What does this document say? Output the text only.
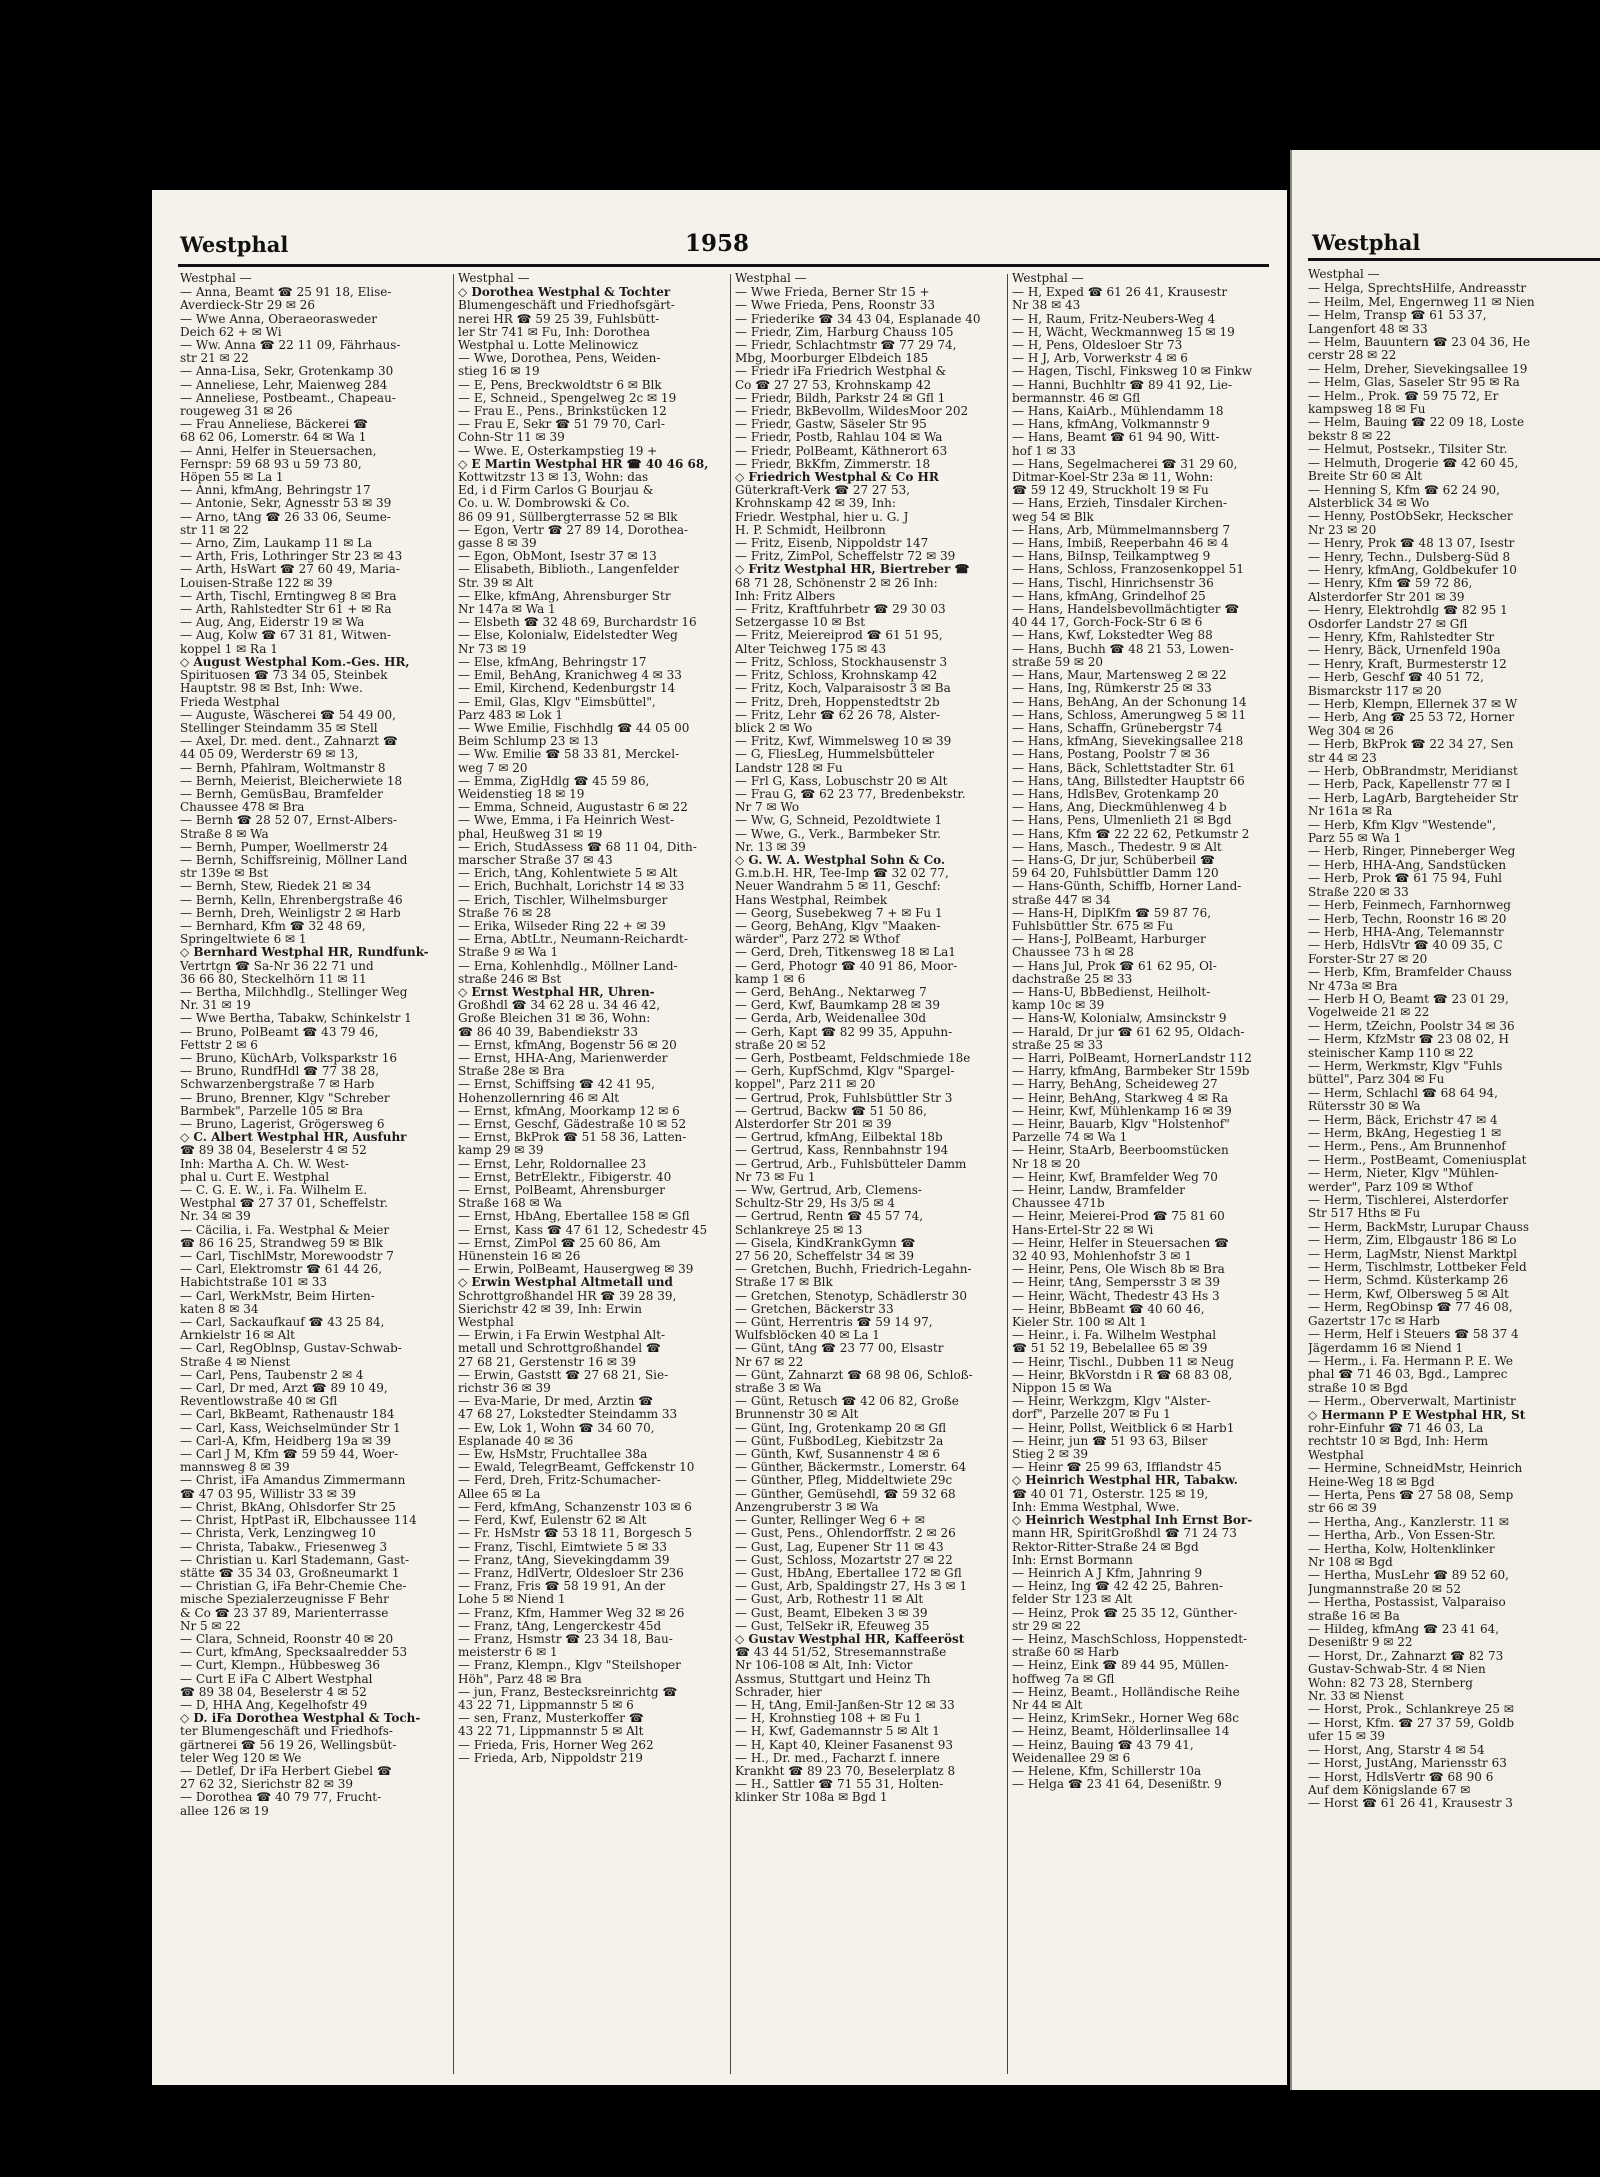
Westphal	1958
Westphal —
— Anna, Beamt ☎ 25 91 18, Elise-
Averdieck-Str 29 ✉ 26
— Wwe Anna, Oberaeorasweder
Deich 62 + ✉ Wi
— Ww. Anna ☎ 22 11 09, Fährhaus-
str 21 ✉ 22
— Anna-Lisa, Sekr, Grotenkamp 30
— Anneliese, Lehr, Maienweg 284
— Anneliese, Postbeamt., Chapeau-
rougeweg 31 ✉ 26
— Frau Anneliese, Bäckerei ☎
68 62 06, Lomerstr. 64 ✉ Wa 1
— Anni, Helfer in Steuersachen,
Fernspr: 59 68 93 u 59 73 80,
Höpen 55 ✉ La 1
— Anni, kfmAng, Behringstr 17
— Antonie, Sekr, Agnesstr 53 ✉ 39
— Arno, tAng ☎ 26 33 06, Seume-
str 11 ✉ 22
— Arno, Zim, Laukamp 11 ✉ La
— Arth, Fris, Lothringer Str 23 ✉ 43
— Arth, HsWart ☎ 27 60 49, Maria-
Louisen-Straße 122 ✉ 39
— Arth, Tischl, Erntingweg 8 ✉ Bra
— Arth, Rahlstedter Str 61 + ✉ Ra
— Aug, Ang, Eiderstr 19 ✉ Wa
— Aug, Kolw ☎ 67 31 81, Witwen-
koppel 1 ✉ Ra 1
◇ August Westphal Kom.-Ges. HR,
Spirituosen ☎ 73 34 05, Steinbek
Hauptstr. 98 ✉ Bst, Inh: Wwe.
Frieda Westphal
— Auguste, Wäscherei ☎ 54 49 00,
Stellinger Steindamm 35 ✉ Stell
— Axel, Dr. med. dent., Zahnarzt ☎
44 05 09, Werderstr 69 ✉ 13,
— Bernh, Pfahlram, Woltmanstr 8
— Bernh, Meierist, Bleicherwiete 18
— Bernh, GemüsBau, Bramfelder
Chaussee 478 ✉ Bra
— Bernh ☎ 28 52 07, Ernst-Albers-
Straße 8 ✉ Wa
— Bernh, Pumper, Woellmerstr 24
— Bernh, Schiffsreinig, Möllner Land
str 139e ✉ Bst
— Bernh, Stew, Riedek 21 ✉ 34
— Bernh, Kelln, Ehrenbergstraße 46
— Bernh, Dreh, Weinligstr 2 ✉ Harb
— Bernhard, Kfm ☎ 32 48 69,
Springeltwiete 6 ✉ 1
◇ Bernhard Westphal HR, Rundfunk-
Vertrtgn ☎ Sa-Nr 36 22 71 und
36 66 80, Steckelhörn 11 ✉ 11
— Bertha, Milchhdlg., Stellinger Weg
Nr. 31 ✉ 19
— Wwe Bertha, Tabakw, Schinkelstr 1
— Bruno, PolBeamt ☎ 43 79 46,
Fettstr 2 ✉ 6
— Bruno, KüchArb, Volksparkstr 16
— Bruno, RundfHdl ☎ 77 38 28,
Schwarzenbergstraße 7 ✉ Harb
— Bruno, Brenner, Klgv "Schreber
Barmbek", Parzelle 105 ✉ Bra
— Bruno, Lagerist, Grögersweg 6
◇ C. Albert Westphal HR, Ausfuhr
☎ 89 38 04, Beselerstr 4 ✉ 52
Inh: Martha A. Ch. W. West-
phal u. Curt E. Westphal
— C. G. E. W., i. Fa. Wilhelm E.
Westphal ☎ 27 37 01, Scheffelstr.
Nr. 34 ✉ 39
— Cäcilia, i. Fa. Westphal & Meier
☎ 86 16 25, Strandweg 59 ✉ Blk
— Carl, TischlMstr, Morewoodstr 7
— Carl, Elektromstr ☎ 61 44 26,
Habichtstraße 101 ✉ 33
— Carl, WerkMstr, Beim Hirten-
katen 8 ✉ 34
— Carl, Sackaufkauf ☎ 43 25 84,
Arnkielstr 16 ✉ Alt
— Carl, RegOblnsp, Gustav-Schwab-
Straße 4 ✉ Nienst
— Carl, Pens, Taubenstr 2 ✉ 4
— Carl, Dr med, Arzt ☎ 89 10 49,
Reventlowstraße 40 ✉ Gfl
— Carl, BkBeamt, Rathenaustr 184
— Carl, Kass, Weichselmünder Str 1
— Carl-A, Kfm, Heidberg 19a ✉ 39
— Carl J M, Kfm ☎ 59 59 44, Woer-
mannsweg 8 ✉ 39
— Christ, iFa Amandus Zimmermann
☎ 47 03 95, Willistr 33 ✉ 39
— Christ, BkAng, Ohlsdorfer Str 25
— Christ, HptPast iR, Elbchaussee 114
— Christa, Verk, Lenzingweg 10
— Christa, Tabakw., Friesenweg 3
— Christian u. Karl Stademann, Gast-
stätte ☎ 35 34 03, Großneumarkt 1
— Christian G, iFa Behr-Chemie Che-
mische Spezialerzeugnisse F Behr
& Co ☎ 23 37 89, Marienterrasse
Nr 5 ✉ 22
— Clara, Schneid, Roonstr 40 ✉ 20
— Curt, kfmAng, Specksaalredder 53
— Curt, Klempn., Hübbesweg 36
— Curt E iFa C Albert Westphal
☎ 89 38 04, Beselerstr 4 ✉ 52
— D, HHA Ang, Kegelhofstr 49
◇ D. iFa Dorothea Westphal & Toch-
ter Blumengeschäft und Friedhofs-
gärtnerei ☎ 56 19 26, Wellingsbüt-
teler Weg 120 ✉ We
— Detlef, Dr iFa Herbert Giebel ☎
27 62 32, Sierichstr 82 ✉ 39
— Dorothea ☎ 40 79 77, Frucht-
allee 126 ✉ 19
Westphal —
◇ Dorothea Westphal & Tochter
Blumengeschäft und Friedhofsgärt-
nerei HR ☎ 59 25 39, Fuhlsbütt-
ler Str 741 ✉ Fu, Inh: Dorothea
Westphal u. Lotte Melinowicz
— Wwe, Dorothea, Pens, Weiden-
stieg 16 ✉ 19
— E, Pens, Breckwoldtstr 6 ✉ Blk
— E, Schneid., Spengelweg 2c ✉ 19
— Frau E., Pens., Brinkstücken 12
— Frau E, Sekr ☎ 51 79 70, Carl-
Cohn-Str 11 ✉ 39
— Wwe. E, Osterkampstieg 19 +
◇ E Martin Westphal HR ☎ 40 46 68,
Kottwitzstr 13 ✉ 13, Wohn: das
Ed, i d Firm Carlos G Bourjau &
Co. u. W. Dombrowski & Co.
86 09 91, Süllbergterrasse 52 ✉ Blk
— Egon, Vertr ☎ 27 89 14, Dorothea-
gasse 8 ✉ 39
— Egon, ObMont, Isestr 37 ✉ 13
— Elisabeth, Biblioth., Langenfelder
Str. 39 ✉ Alt
— Elke, kfmAng, Ahrensburger Str
Nr 147a ✉ Wa 1
— Elsbeth ☎ 32 48 69, Burchardstr 16
— Else, Kolonialw, Eidelstedter Weg
Nr 73 ✉ 19
— Else, kfmAng, Behringstr 17
— Emil, BehAng, Kranichweg 4 ✉ 33
— Emil, Kirchend, Kedenburgstr 14
— Emil, Glas, Klgv "Eimsbüttel",
Parz 483 ✉ Lok 1
— Wwe Emilie, Fischhdlg ☎ 44 05 00
Beim Schlump 23 ✉ 13
— Ww. Emilie ☎ 58 33 81, Merckel-
weg 7 ✉ 20
— Emma, ZigHdlg ☎ 45 59 86,
Weidenstieg 18 ✉ 19
— Emma, Schneid, Augustastr 6 ✉ 22
— Wwe, Emma, i Fa Heinrich West-
phal, Heußweg 31 ✉ 19
— Erich, StudAssess ☎ 68 11 04, Dith-
marscher Straße 37 ✉ 43
— Erich, tAng, Kohlentwiete 5 ✉ Alt
— Erich, Buchhalt, Lorichstr 14 ✉ 33
— Erich, Tischler, Wilhelmsburger
Straße 76 ✉ 28
— Erika, Wilseder Ring 22 + ✉ 39
— Erna, AbtLtr., Neumann-Reichardt-
Straße 9 ✉ Wa 1
— Erna, Kohlenhdlg., Möllner Land-
straße 246 ✉ Bst
◇ Ernst Westphal HR, Uhren-
Großhdl ☎ 34 62 28 u. 34 46 42,
Große Bleichen 31 ✉ 36, Wohn:
☎ 86 40 39, Babendiekstr 33
— Ernst, kfmAng, Bogenstr 56 ✉ 20
— Ernst, HHA-Ang, Marienwerder
Straße 28e ✉ Bra
— Ernst, Schiffsing ☎ 42 41 95,
Hohenzollernring 46 ✉ Alt
— Ernst, kfmAng, Moorkamp 12 ✉ 6
— Ernst, Geschf, Gädestraße 10 ✉ 52
— Ernst, BkProk ☎ 51 58 36, Latten-
kamp 29 ✉ 39
— Ernst, Lehr, Roldornallee 23
— Ernst, BetrElektr., Fibigerstr. 40
— Ernst, PolBeamt, Ahrensburger
Straße 168 ✉ Wa
— Ernst, HbAng, Ebertallee 158 ✉ Gfl
— Ernst, Kass ☎ 47 61 12, Schedestr 45
— Ernst, ZimPol ☎ 25 60 86, Am
Hünenstein 16 ✉ 26
— Erwin, PolBeamt, Hausergweg ✉ 39
◇ Erwin Westphal Altmetall und
Schrottgroßhandel HR ☎ 39 28 39,
Sierichstr 42 ✉ 39, Inh: Erwin
Westphal
— Erwin, i Fa Erwin Westphal Alt-
metall und Schrottgroßhandel ☎
27 68 21, Gerstenstr 16 ✉ 39
— Erwin, Gaststt ☎ 27 68 21, Sie-
richstr 36 ✉ 39
— Eva-Marie, Dr med, Ärztin ☎
47 68 27, Lokstedter Steindamm 33
— Ew, Lok 1, Wohn ☎ 34 60 70,
Esplanade 40 ✉ 36
— Ew, HsMstr, Fruchtallee 38a
— Ewald, TelegrBeamt, Geffckenstr 10
— Ferd, Dreh, Fritz-Schumacher-
Allee 65 ✉ La
— Ferd, kfmAng, Schanzenstr 103 ✉ 6
— Ferd, Kwf, Eulenstr 62 ✉ Alt
— Fr. HsMstr ☎ 53 18 11, Borgesch 5
— Franz, Tischl, Eimtwiete 5 ✉ 33
— Franz, tAng, Sievekingdamm 39
— Franz, HdlVertr, Oldesloer Str 236
— Franz, Fris ☎ 58 19 91, An der
Lohe 5 ✉ Niend 1
— Franz, Kfm, Hammer Weg 32 ✉ 26
— Franz, tAng, Lengerckestr 45d
— Franz, Hsmstr ☎ 23 34 18, Bau-
meisterstr 6 ✉ 1
— Franz, Klempn., Klgv "Steilshoper
Höh", Parz 48 ✉ Bra
— jun, Franz, Bestecksreinrichtg ☎
43 22 71, Lippmannstr 5 ✉ 6
— sen, Franz, Musterkoffer ☎
43 22 71, Lippmannstr 5 ✉ Alt
— Frieda, Fris, Horner Weg 262
— Frieda, Arb, Nippoldstr 219
Westphal —
— Wwe Frieda, Berner Str 15 +
— Wwe Frieda, Pens, Roonstr 33
— Friederike ☎ 34 43 04, Esplanade 40
— Friedr, Zim, Harburg Chauss 105
— Friedr, Schlachtmstr ☎ 77 29 74,
Mbg, Moorburger Elbdeich 185
— Friedr iFa Friedrich Westphal &
Co ☎ 27 27 53, Krohnskamp 42
— Friedr, Bildh, Parkstr 24 ✉ Gfl 1
— Friedr, BkBevollm, WildesMoor 202
— Friedr, Gastw, Säseler Str 95
— Friedr, Postb, Rahlau 104 ✉ Wa
— Friedr, PolBeamt, Käthnerort 63
— Friedr, BkKfm, Zimmerstr. 18
◇ Friedrich Westphal & Co HR
Güterkraft-Verk ☎ 27 27 53,
Krohnskamp 42 ✉ 39, Inh:
Friedr. Westphal, hier u. G. J
H. P. Schmidt, Heilbronn
— Fritz, Eisenb, Nippoldstr 147
— Fritz, ZimPol, Scheffelstr 72 ✉ 39
◇ Fritz Westphal HR, Biertreber ☎
68 71 28, Schönenstr 2 ✉ 26 Inh:
Inh: Fritz Albers
— Fritz, Kraftfuhrbetr ☎ 29 30 03
Setzergasse 10 ✉ Bst
— Fritz, Meiereiprod ☎ 61 51 95,
Alter Teichweg 175 ✉ 43
— Fritz, Schloss, Stockhausenstr 3
— Fritz, Schloss, Krohnskamp 42
— Fritz, Koch, Valparaisostr 3 ✉ Ba
— Fritz, Dreh, Hoppenstedtstr 2b
— Fritz, Lehr ☎ 62 26 78, Alster-
blick 2 ✉ Wo
— Fritz, Kwf, Wimmelsweg 10 ✉ 39
— G, FliesLeg, Hummelsbütteler
Landstr 128 ✉ Fu
— Frl G, Kass, Lobuschstr 20 ✉ Alt
— Frau G, ☎ 62 23 77, Bredenbekstr.
Nr 7 ✉ Wo
— Ww, G, Schneid, Pezoldtwiete 1
— Wwe, G., Verk., Barmbeker Str.
Nr. 13 ✉ 39
◇ G. W. A. Westphal Sohn & Co.
G.m.b.H. HR, Tee-Imp ☎ 32 02 77,
Neuer Wandrahm 5 ✉ 11, Geschf:
Hans Westphal, Reimbek
— Georg, Susebekweg 7 + ✉ Fu 1
— Georg, BehAng, Klgv "Maaken-
wärder", Parz 272 ✉ Wthof
— Gerd, Dreh, Titkensweg 18 ✉ La1
— Gerd, Photogr ☎ 40 91 86, Moor-
kamp 1 ✉ 6
— Gerd, BehAng., Nektarweg 7
— Gerd, Kwf, Baumkamp 28 ✉ 39
— Gerda, Arb, Weidenallee 30d
— Gerh, Kapt ☎ 82 99 35, Appuhn-
straße 20 ✉ 52
— Gerh, Postbeamt, Feldschmiede 18e
— Gerh, KupfSchmd, Klgv "Spargel-
koppel", Parz 211 ✉ 20
— Gertrud, Prok, Fuhlsbüttler Str 3
— Gertrud, Backw ☎ 51 50 86,
Alsterdorfer Str 201 ✉ 39
— Gertrud, kfmAng, Eilbektal 18b
— Gertrud, Kass, Rennbahnstr 194
— Gertrud, Arb., Fuhlsbütteler Damm
Nr 73 ✉ Fu 1
— Ww, Gertrud, Arb, Clemens-
Schultz-Str 29, Hs 3/5 ✉ 4
— Gertrud, Rentn ☎ 45 57 74,
Schlankreye 25 ✉ 13
— Gisela, KindKrankGymn ☎
27 56 20, Scheffelstr 34 ✉ 39
— Gretchen, Buchh, Friedrich-Legahn-
Straße 17 ✉ Blk
— Gretchen, Stenotyp, Schädlerstr 30
— Gretchen, Bäckerstr 33
— Günt, Herrentris ☎ 59 14 97,
Wulfsblöcken 40 ✉ La 1
— Günt, tAng ☎ 23 77 00, Elsastr
Nr 67 ✉ 22
— Günt, Zahnarzt ☎ 68 98 06, Schloß-
straße 3 ✉ Wa
— Günt, Retusch ☎ 42 06 82, Große
Brunnenstr 30 ✉ Alt
— Günt, Ing, Grotenkamp 20 ✉ Gfl
— Günt, FußbodLeg, Kiebitzstr 2a
— Günth, Kwf, Susannenstr 4 ✉ 6
— Günther, Bäckermstr., Lomerstr. 64
— Günther, Pfleg, Middeltwiete 29c
— Günther, Gemüsehdl, ☎ 59 32 68
Anzengruberstr 3 ✉ Wa
— Gunter, Rellinger Weg 6 + ✉
— Gust, Pens., Ohlendorffstr. 2 ✉ 26
— Gust, Lag, Eupener Str 11 ✉ 43
— Gust, Schloss, Mozartstr 27 ✉ 22
— Gust, HbAng, Ebertallee 172 ✉ Gfl
— Gust, Arb, Spaldingstr 27, Hs 3 ✉ 1
— Gust, Arb, Rothestr 11 ✉ Alt
— Gust, Beamt, Elbeken 3 ✉ 39
— Gust, TelSekr iR, Efeuweg 35
◇ Gustav Westphal HR, Kaffeeröst
☎ 43 44 51/52, Stresemannstraße
Nr 106-108 ✉ Alt, Inh: Victor
Assmus, Stuttgart und Heinz Th
Schrader, hier
— H, tAng, Emil-Janßen-Str 12 ✉ 33
— H, Krohnstieg 108 + ✉ Fu 1
— H, Kwf, Gademannstr 5 ✉ Alt 1
— H, Kapt 40, Kleiner Fasanenst 93
— H., Dr. med., Facharzt f. innere
Krankht ☎ 89 23 70, Beselerplatz 8
— H., Sattler ☎ 71 55 31, Holten-
klinker Str 108a ✉ Bgd 1
Westphal —
— H, Exped ☎ 61 26 41, Krausestr
Nr 38 ✉ 43
— H, Raum, Fritz-Neubers-Weg 4
— H, Wächt, Weckmannweg 15 ✉ 19
— H, Pens, Oldesloer Str 73
— H J, Arb, Vorwerkstr 4 ✉ 6
— Hagen, Tischl, Finksweg 10 ✉ Finkw
— Hanni, Buchhltr ☎ 89 41 92, Lie-
bermannstr. 46 ✉ Gfl
— Hans, KaiArb., Mühlendamm 18
— Hans, kfmAng, Volkmannstr 9
— Hans, Beamt ☎ 61 94 90, Witt-
hof 1 ✉ 33
— Hans, Segelmacherei ☎ 31 29 60,
Ditmar-Koel-Str 23a ✉ 11, Wohn:
☎ 59 12 49, Struckholt 19 ✉ Fu
— Hans, Erzieh, Tinsdaler Kirchen-
weg 54 ✉ Blk
— Hans, Arb, Mümmelmannsberg 7
— Hans, Imbiß, Reeperbahn 46 ✉ 4
— Hans, BiInsp, Teilkamptweg 9
— Hans, Schloss, Franzosenkoppel 51
— Hans, Tischl, Hinrichsenstr 36
— Hans, kfmAng, Grindelhof 25
— Hans, Handelsbevollmächtigter ☎
40 44 17, Gorch-Fock-Str 6 ✉ 6
— Hans, Kwf, Lokstedter Weg 88
— Hans, Buchh ☎ 48 21 53, Lowen-
straße 59 ✉ 20
— Hans, Maur, Martensweg 2 ✉ 22
— Hans, Ing, Rümkerstr 25 ✉ 33
— Hans, BehAng, An der Schonung 14
— Hans, Schloss, Amerungweg 5 ✉ 11
— Hans, Schaffn, Grünebergstr 74
— Hans, kfmAng, Sievekingsallee 218
— Hans, Postang, Poolstr 7 ✉ 36
— Hans, Bäck, Schlettstadter Str. 61
— Hans, tAng, Billstedter Hauptstr 66
— Hans, HdlsBev, Grotenkamp 20
— Hans, Ang, Dieckmühlenweg 4 b
— Hans, Pens, Ulmenlieth 21 ✉ Bgd
— Hans, Kfm ☎ 22 22 62, Petkumstr 2
— Hans, Masch., Thedestr. 9 ✉ Alt
— Hans-G, Dr jur, Schüberbeil ☎
59 64 20, Fuhlsbüttler Damm 120
— Hans-Günth, Schiffb, Horner Land-
straße 447 ✉ 34
— Hans-H, DiplKfm ☎ 59 87 76,
Fuhlsbüttler Str. 675 ✉ Fu
— Hans-J, PolBeamt, Harburger
Chaussee 73 h ✉ 28
— Hans Jul, Prok ☎ 61 62 95, Ol-
dachstraße 25 ✉ 33
— Hans-U, BbBedienst, Heilholt-
kamp 10c ✉ 39
— Hans-W, Kolonialw, Amsinckstr 9
— Harald, Dr jur ☎ 61 62 95, Oldach-
straße 25 ✉ 33
— Harri, PolBeamt, HornerLandstr 112
— Harry, kfmAng, Barmbeker Str 159b
— Harry, BehAng, Scheideweg 27
— Heinr, BehAng, Starkweg 4 ✉ Ra
— Heinr, Kwf, Mühlenkamp 16 ✉ 39
— Heinr, Bauarb, Klgv "Holstenhof"
Parzelle 74 ✉ Wa 1
— Heinr, StaArb, Beerboomstücken
Nr 18 ✉ 20
— Heinr, Kwf, Bramfelder Weg 70
— Heinr, Landw, Bramfelder
Chaussee 471b
— Heinr, Meierei-Prod ☎ 75 81 60
Hans-Ertel-Str 22 ✉ Wi
— Heinr, Helfer in Steuersachen ☎
32 40 93, Mohlenhofstr 3 ✉ 1
— Heinr, Pens, Ole Wisch 8b ✉ Bra
— Heinr, tAng, Sempersstr 3 ✉ 39
— Heinr, Wächt, Thedestr 43 Hs 3
— Heinr, BbBeamt ☎ 40 60 46,
Kieler Str. 100 ✉ Alt 1
— Heinr., i. Fa. Wilhelm Westphal
☎ 51 52 19, Bebelallee 65 ✉ 39
— Heinr, Tischl., Dubben 11 ✉ Neug
— Heinr, BkVorstdn i R ☎ 68 83 08,
Nippon 15 ✉ Wa
— Heinr, Werkzgm, Klgv "Alster-
dorf", Parzelle 207 ✉ Fu 1
— Heinr, Pollst, Weitblick 6 ✉ Harb1
— Heinr, jun ☎ 51 93 63, Bilser
Stieg 2 ✉ 39
— Heinr ☎ 25 99 63, Ifflandstr 45
◇ Heinrich Westphal HR, Tabakw.
☎ 40 01 71, Osterstr. 125 ✉ 19,
Inh: Emma Westphal, Wwe.
◇ Heinrich Westphal Inh Ernst Bor-
mann HR, SpiritGroßhdl ☎ 71 24 73
Rektor-Ritter-Straße 24 ✉ Bgd
Inh: Ernst Bormann
— Heinrich A J Kfm, Jahnring 9
— Heinz, Ing ☎ 42 42 25, Bahren-
felder Str 123 ✉ Alt
— Heinz, Prok ☎ 25 35 12, Günther-
str 29 ✉ 22
— Heinz, MaschSchloss, Hoppenstedt-
straße 60 ✉ Harb
— Heinz, Eink ☎ 89 44 95, Müllen-
hoffweg 7a ✉ Gfl
— Heinz, Beamt., Holländische Reihe
Nr 44 ✉ Alt
— Heinz, KrimSekr., Horner Weg 68c
— Heinz, Beamt, Hölderlinsallee 14
— Heinz, Bauing ☎ 43 79 41,
Weidenallee 29 ✉ 6
— Helene, Kfm, Schillerstr 10a
— Helga ☎ 23 41 64, Desenißtr. 9
Westphal
Westphal —
— Helga, SprechtsHilfe, Andreasstr
— Heilm, Mel, Engernweg 11 ✉ Nien
— Helm, Transp ☎ 61 53 37,
Langenfort 48 ✉ 33
— Helm, Bauuntern ☎ 23 04 36, He
cerstr 28 ✉ 22
— Helm, Dreher, Sievekingsallee 19
— Helm, Glas, Saseler Str 95 ✉ Ra
— Helm., Prok. ☎ 59 75 72, Er
kampsweg 18 ✉ Fu
— Helm, Bauing ☎ 22 09 18, Loste
bekstr 8 ✉ 22
— Helmut, Postsekr., Tilsiter Str.
— Helmuth, Drogerie ☎ 42 60 45,
Breite Str 60 ✉ Alt
— Henning S, Kfm ☎ 62 24 90,
Alsterblick 34 ✉ Wo
— Henny, PostObSekr, Heckscher
Nr 23 ✉ 20
— Henry, Prok ☎ 48 13 07, Isestr
— Henry, Techn., Dulsberg-Süd 8
— Henry, kfmAng, Goldbekufer 10
— Henry, Kfm ☎ 59 72 86,
Alsterdorfer Str 201 ✉ 39
— Henry, Elektrohdlg ☎ 82 95 1
Osdorfer Landstr 27 ✉ Gfl
— Henry, Kfm, Rahlstedter Str
— Henry, Bäck, Urnenfeld 190a
— Henry, Kraft, Burmesterstr 12
— Herb, Geschf ☎ 40 51 72,
Bismarckstr 117 ✉ 20
— Herb, Klempn, Ellernek 37 ✉ W
— Herb, Ang ☎ 25 53 72, Horner
Weg 304 ✉ 26
— Herb, BkProk ☎ 22 34 27, Sen
str 44 ✉ 23
— Herb, ObBrandmstr, Meridianst
— Herb, Pack, Kapellenstr 77 ✉ I
— Herb, LagArb, Bargteheider Str
Nr 161a ✉ Ra
— Herb, Kfm Klgv "Westende",
Parz 55 ✉ Wa 1
— Herb, Ringer, Pinneberger Weg
— Herb, HHA-Ang, Sandstücken
— Herb, Prok ☎ 61 75 94, Fuhl
Straße 220 ✉ 33
— Herb, Feinmech, Farnhornweg
— Herb, Techn, Roonstr 16 ✉ 20
— Herb, HHA-Ang, Telemannstr
— Herb, HdlsVtr ☎ 40 09 35, C
Forster-Str 27 ✉ 20
— Herb, Kfm, Bramfelder Chauss
Nr 473a ✉ Bra
— Herb H O, Beamt ☎ 23 01 29,
Vogelweide 21 ✉ 22
— Herm, tZeichn, Poolstr 34 ✉ 36
— Herm, KfzMstr ☎ 23 08 02, H
steinischer Kamp 110 ✉ 22
— Herm, Werkmstr, Klgv "Fuhls
büttel", Parz 304 ✉ Fu
— Herm, Schlachl ☎ 68 64 94,
Rütersstr 30 ✉ Wa
— Herm, Bäck, Erichstr 47 ✉ 4
— Herm, BkAng, Hegestieg 1 ✉
— Herm., Pens., Am Brunnenhof
— Herm., PostBeamt, Comeniusplat
— Herm, Nieter, Klgv "Mühlen-
werder", Parz 109 ✉ Wthof
— Herm, Tischlerei, Alsterdorfer
Str 517 Hths ✉ Fu
— Herm, BackMstr, Lurupar Chauss
— Herm, Zim, Elbgaustr 186 ✉ Lo
— Herm, LagMstr, Nienst Marktpl
— Herm, Tischlmstr, Lottbeker Feld
— Herm, Schmd. Küsterkamp 26
— Herm, Kwf, Olbersweg 5 ✉ Alt
— Herm, RegObinsp ☎ 77 46 08,
Gazertstr 17c ✉ Harb
— Herm, Helf i Steuers ☎ 58 37 4
Jägerdamm 16 ✉ Niend 1
— Herm., i. Fa. Hermann P. E. We
phal ☎ 71 46 03, Bgd., Lamprec
straße 10 ✉ Bgd
— Herm., Oberverwalt, Martinistr
◇ Hermann P E Westphal HR, St
rohr-Einfuhr ☎ 71 46 03, La
rechtstr 10 ✉ Bgd, Inh: Herm
Westphal
— Hermine, SchneidMstr, Heinrich
Heine-Weg 18 ✉ Bgd
— Herta, Pens ☎ 27 58 08, Semp
str 66 ✉ 39
— Hertha, Ang., Kanzlerstr. 11 ✉
— Hertha, Arb., Von Essen-Str.
— Hertha, Kolw, Holtenklinker
Nr 108 ✉ Bgd
— Hertha, MusLehr ☎ 89 52 60,
Jungmannstraße 20 ✉ 52
— Hertha, Postassist, Valparaiso
straße 16 ✉ Ba
— Hildeg, kfmAng ☎ 23 41 64,
Desenißtr 9 ✉ 22
— Horst, Dr., Zahnarzt ☎ 82 73
Gustav-Schwab-Str. 4 ✉ Nien
Wohn: 82 73 28, Sternberg
Nr. 33 ✉ Nienst
— Horst, Prok., Schlankreye 25 ✉
— Horst, Kfm. ☎ 27 37 59, Goldb
ufer 15 ✉ 39
— Horst, Ang, Starstr 4 ✉ 54
— Horst, JustAng, Mariensstr 63
— Horst, HdlsVertr ☎ 68 90 6
Auf dem Königslande 67 ✉
— Horst ☎ 61 26 41, Krausestr 3
